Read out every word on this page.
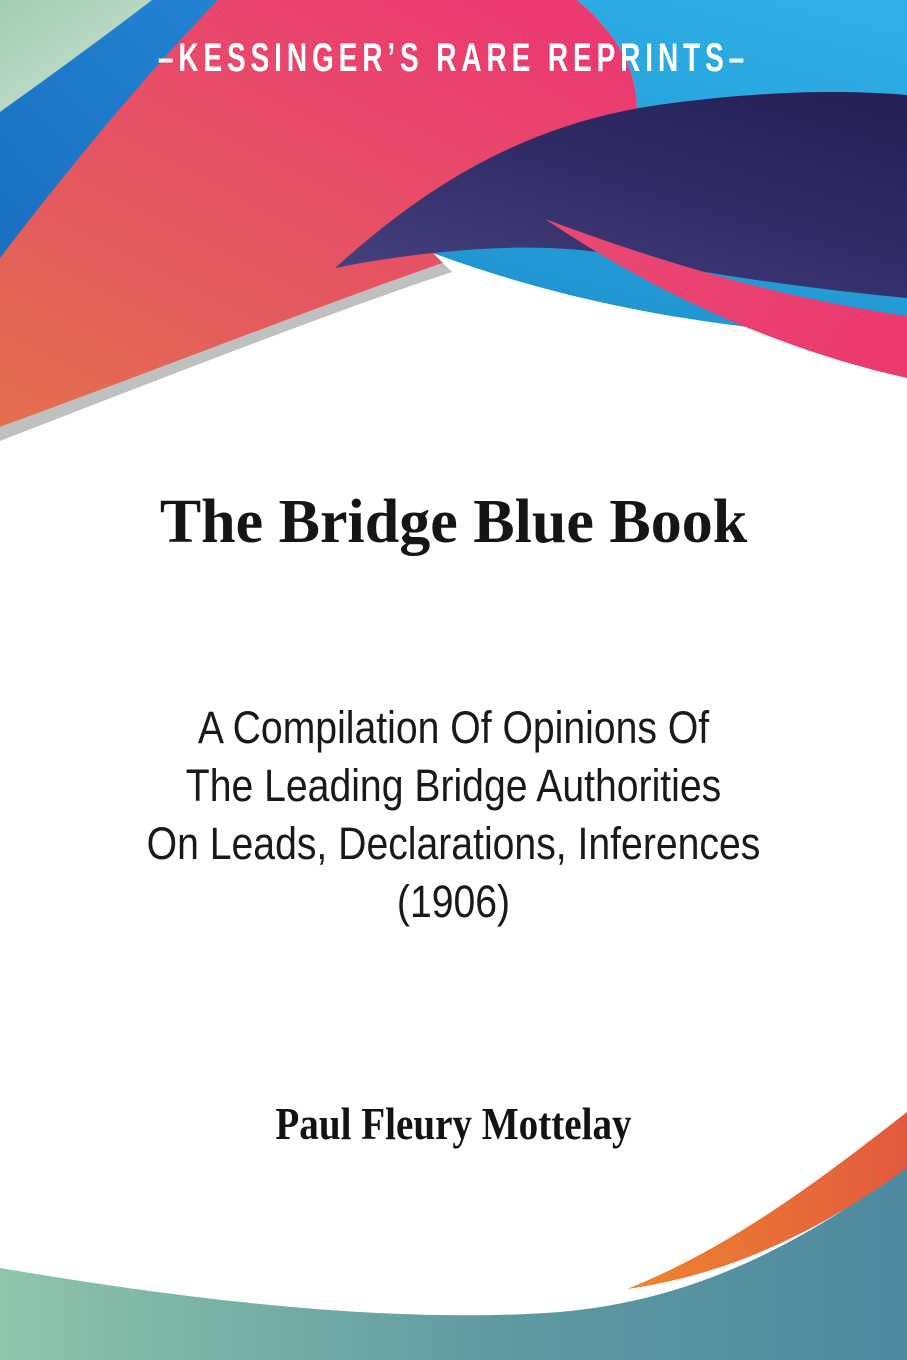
–KESSINGER’S RARE REPRINTS–
The Bridge Blue Book
A Compilation Of Opinions Of
The Leading Bridge Authorities
On Leads, Declarations, Inferences
(1906)
Paul Fleury Mottelay
